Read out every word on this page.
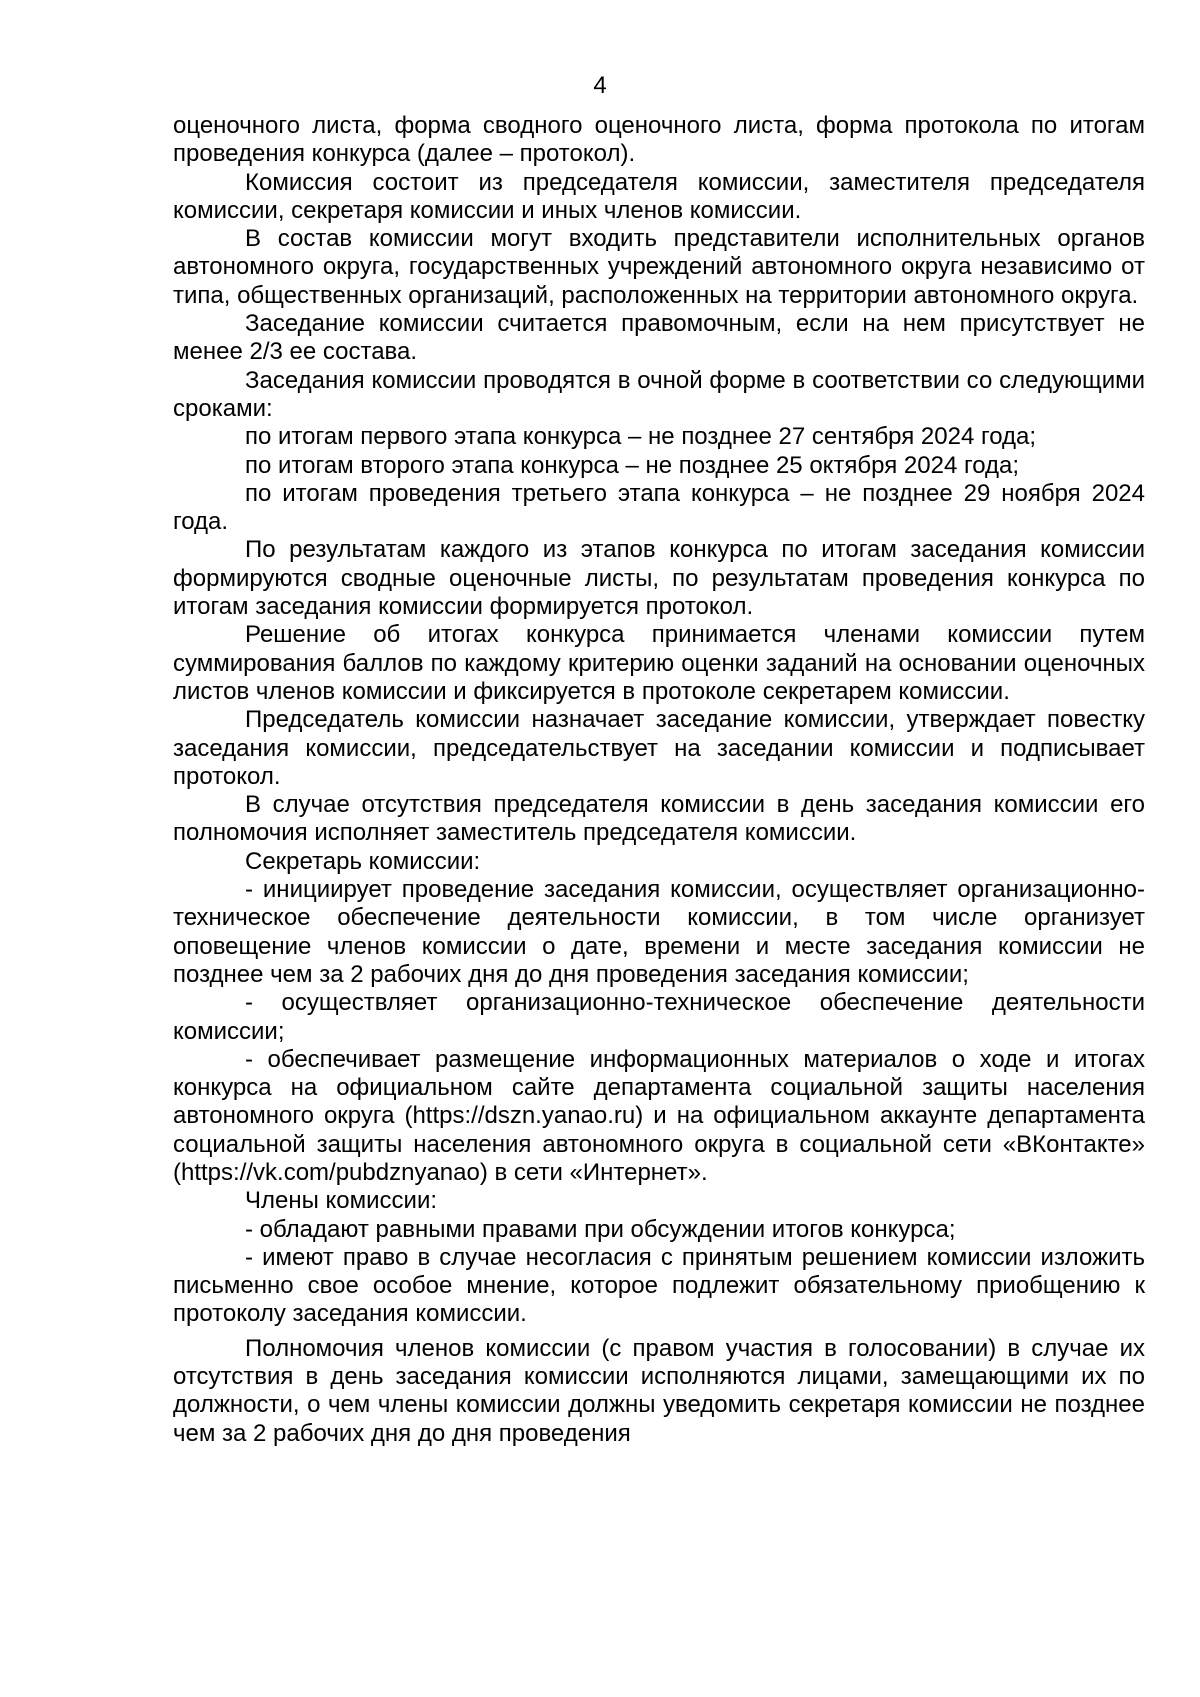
4

оценочного листа, форма сводного оценочного листа, форма протокола по итогам проведения конкурса (далее – протокол).

Комиссия состоит из председателя комиссии, заместителя председателя комиссии, секретаря комиссии и иных членов комиссии.

В состав комиссии могут входить представители исполнительных органов автономного округа, государственных учреждений автономного округа независимо от типа, общественных организаций, расположенных на территории автономного округа.

Заседание комиссии считается правомочным, если на нем присутствует не менее 2/3 ее состава.

Заседания комиссии проводятся в очной форме в соответствии со следующими сроками:

по итогам первого этапа конкурса – не позднее 27 сентября 2024 года;

по итогам второго этапа конкурса – не позднее 25 октября 2024 года;

по итогам проведения третьего этапа конкурса – не позднее 29 ноября 2024 года.

По результатам каждого из этапов конкурса по итогам заседания комиссии формируются сводные оценочные листы, по результатам проведения конкурса по итогам заседания комиссии формируется протокол.

Решение об итогах конкурса принимается членами комиссии путем суммирования баллов по каждому критерию оценки заданий на основании оценочных листов членов комиссии и фиксируется в протоколе секретарем комиссии.

Председатель комиссии назначает заседание комиссии, утверждает повестку заседания комиссии, председательствует на заседании комиссии и подписывает протокол.

В случае отсутствия председателя комиссии в день заседания комиссии его полномочия исполняет заместитель председателя комиссии.

Секретарь комиссии:

- инициирует проведение заседания комиссии, осуществляет организационно-техническое обеспечение деятельности комиссии, в том числе организует оповещение членов комиссии о дате, времени и месте заседания комиссии не позднее чем за 2 рабочих дня до дня проведения заседания комиссии;

- осуществляет организационно-техническое обеспечение деятельности комиссии;

- обеспечивает размещение информационных материалов о ходе и итогах конкурса на официальном сайте департамента социальной защиты населения автономного округа (https://dszn.yanao.ru) и на официальном аккаунте департамента социальной защиты населения автономного округа в социальной сети «ВКонтакте» (https://vk.com/pubdznyanao) в сети «Интернет».

Члены комиссии:

- обладают равными правами при обсуждении итогов конкурса;

- имеют право в случае несогласия с принятым решением комиссии изложить письменно свое особое мнение, которое подлежит обязательному приобщению к протоколу заседания комиссии.

Полномочия членов комиссии (с правом участия в голосовании) в случае их отсутствия в день заседания комиссии исполняются лицами, замещающими их по должности, о чем члены комиссии должны уведомить секретаря комиссии не позднее чем за 2 рабочих дня до дня проведения
